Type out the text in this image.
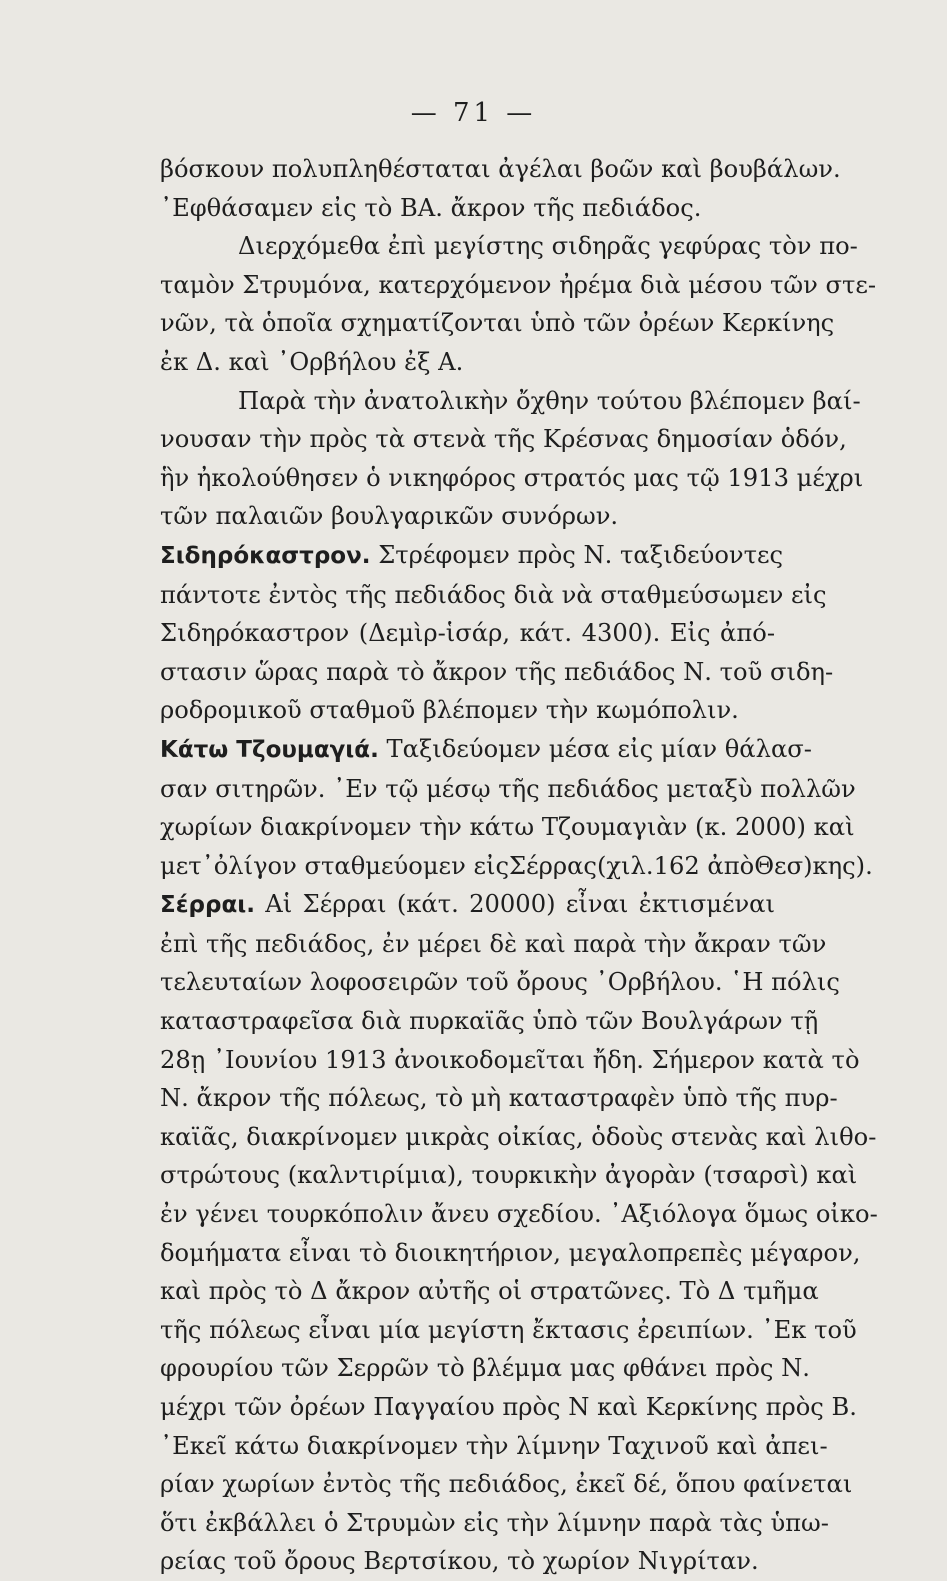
— 71 —
βόσκουν πολυπληθέσταται ἀγέλαι βοῶν καὶ βουβάλων.
᾿Εφθάσαμεν εἰς τὸ ΒΑ. ἄκρον τῆς πεδιάδος.
Διερχόμεθα ἐπὶ μεγίστης σιδηρᾶς γεφύρας τὸν πο-
ταμὸν Στρυμόνα, κατερχόμενον ἠρέμα διὰ μέσου τῶν στε-
νῶν, τὰ ὁποῖα σχηματίζονται ὑπὸ τῶν ὀρέων Κερκίνης
ἐκ Δ. καὶ ᾿Ορβήλου ἐξ Α.
Παρὰ τὴν ἀνατολικὴν ὄχθην τούτου βλέπομεν βαί-
νουσαν τὴν πρὸς τὰ στενὰ τῆς Κρέσνας δημοσίαν ὁδόν,
ἣν ἠκολούθησεν ὁ νικηφόρος στρατός μας τῷ 1913 μέχρι
τῶν παλαιῶν βουλγαρικῶν συνόρων.
Σιδηρόκαστρον. Στρέφομεν πρὸς Ν. ταξιδεύοντες
πάντοτε ἐντὸς τῆς πεδιάδος διὰ νὰ σταθμεύσωμεν εἰς
Σιδηρόκαστρον (Δεμὶρ-ἱσάρ, κάτ. 4300). Εἰς ἀπό-
στασιν ὥρας παρὰ τὸ ἄκρον τῆς πεδιάδος Ν. τοῦ σιδη-
ροδρομικοῦ σταθμοῦ βλέπομεν τὴν κωμόπολιν.
Κάτω Τζουμαγιά. Ταξιδεύομεν μέσα εἰς μίαν θάλασ-
σαν σιτηρῶν. ᾿Εν τῷ μέσῳ τῆς πεδιάδος μεταξὺ πολλῶν
χωρίων διακρίνομεν τὴν κάτω Τζουμαγιὰν (κ. 2000) καὶ
μετ᾿ὀλίγον σταθμεύομεν εἰςΣέρρας(χιλ.162 ἀπὸΘεσ)κης).
Σέρραι. Αἱ Σέρραι (κάτ. 20000) εἶναι ἐκτισμέναι
ἐπὶ τῆς πεδιάδος, ἐν μέρει δὲ καὶ παρὰ τὴν ἄκραν τῶν
τελευταίων λοφοσειρῶν τοῦ ὄρους ᾿Ορβήλου. ῾Η πόλις
καταστραφεῖσα διὰ πυρκαϊᾶς ὑπὸ τῶν Βουλγάρων τῇ
28ῃ ᾿Ιουνίου 1913 ἀνοικοδομεῖται ἤδη. Σήμερον κατὰ τὸ
Ν. ἄκρον τῆς πόλεως, τὸ μὴ καταστραφὲν ὑπὸ τῆς πυρ-
καϊᾶς, διακρίνομεν μικρὰς οἰκίας, ὁδοὺς στενὰς καὶ λιθο-
στρώτους (καλντιρίμια), τουρκικὴν ἀγορὰν (τσαρσὶ) καὶ
ἐν γένει τουρκόπολιν ἄνευ σχεδίου. ᾿Αξιόλογα ὅμως οἰκο-
δομήματα εἶναι τὸ διοικητήριον, μεγαλοπρεπὲς μέγαρον,
καὶ πρὸς τὸ Δ ἄκρον αὐτῆς οἱ στρατῶνες. Τὸ Δ τμῆμα
τῆς πόλεως εἶναι μία μεγίστη ἔκτασις ἐρειπίων. ᾿Εκ τοῦ
φρουρίου τῶν Σερρῶν τὸ βλέμμα μας φθάνει πρὸς Ν.
μέχρι τῶν ὀρέων Παγγαίου πρὸς Ν καὶ Κερκίνης πρὸς Β.
᾿Εκεῖ κάτω διακρίνομεν τὴν λίμνην Ταχινοῦ καὶ ἀπει-
ρίαν χωρίων ἐντὸς τῆς πεδιάδος, ἐκεῖ δέ, ὅπου φαίνεται
ὅτι ἐκβάλλει ὁ Στρυμὼν εἰς τὴν λίμνην παρὰ τὰς ὑπω-
ρείας τοῦ ὄρους Βερτσίκου, τὸ χωρίον Νιγρίταν.
